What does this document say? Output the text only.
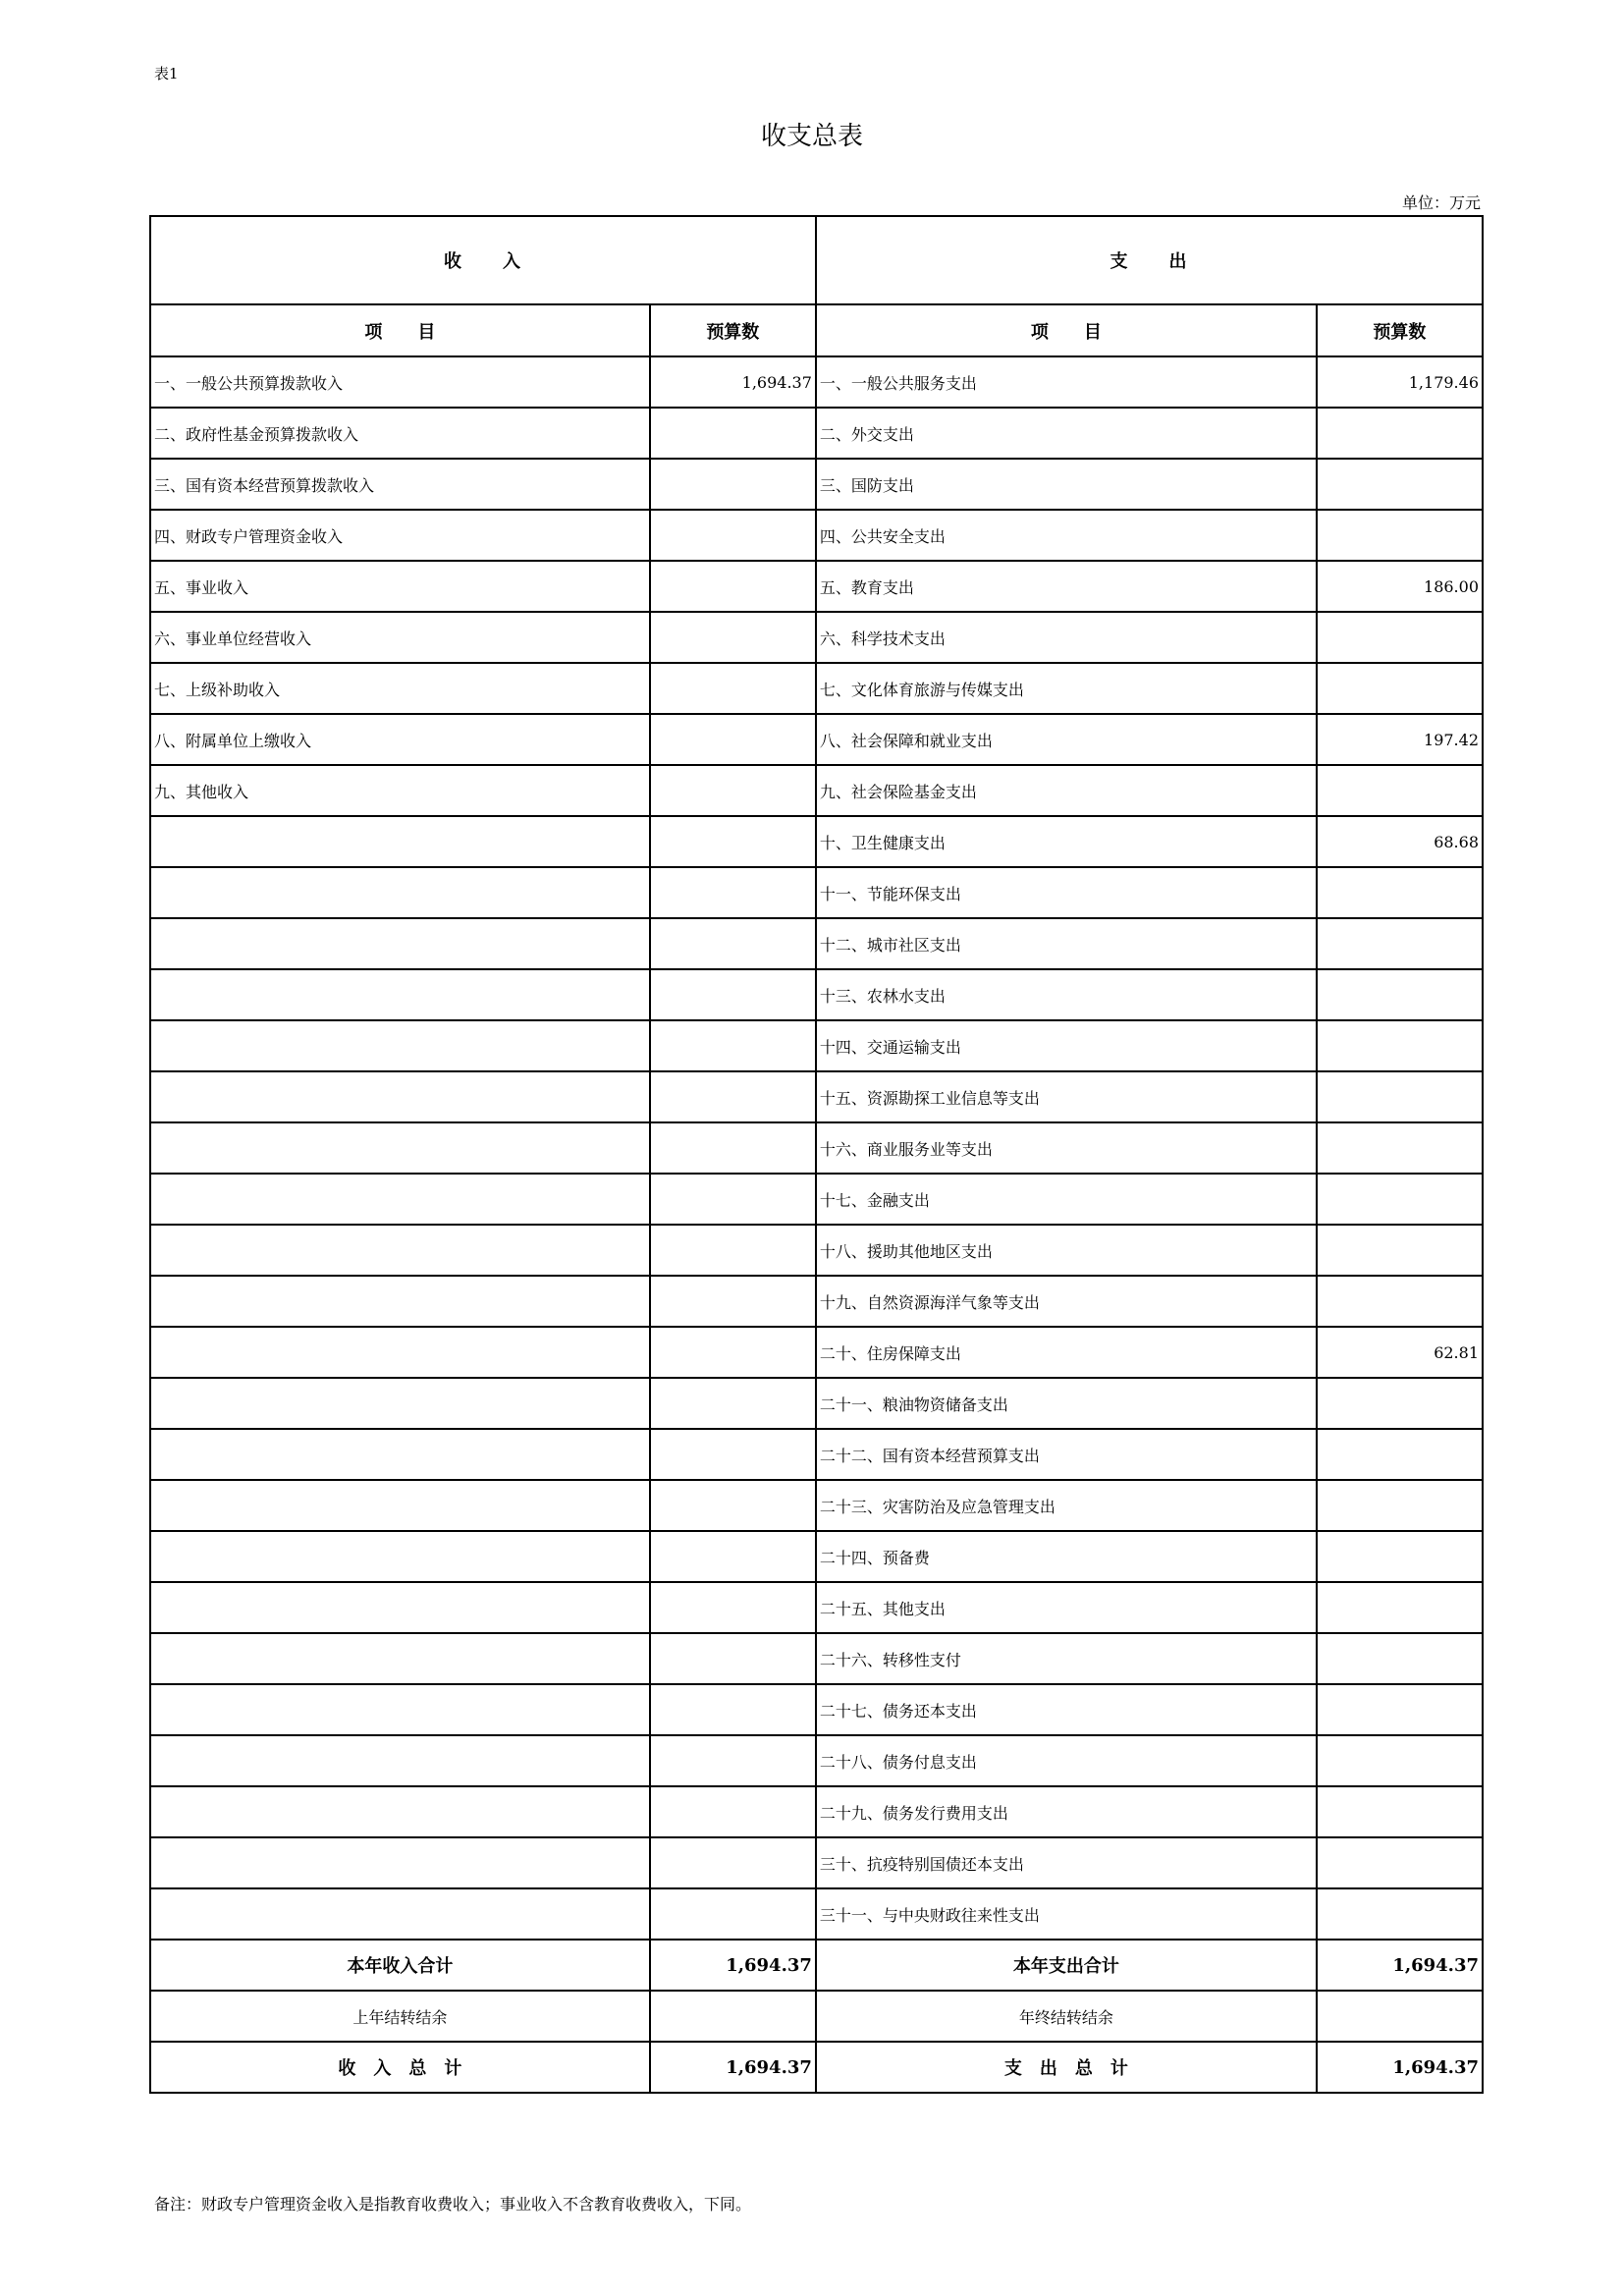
表1
收支总表
单位：万元
收　　入		支　　出	
项　　目	预算数	项　　目	预算数
一、一般公共预算拨款收入	1,694.37	一、一般公共服务支出	1,179.46
二、政府性基金预算拨款收入		二、外交支出	
三、国有资本经营预算拨款收入		三、国防支出	
四、财政专户管理资金收入		四、公共安全支出	
五、事业收入		五、教育支出	186.00
六、事业单位经营收入		六、科学技术支出	
七、上级补助收入		七、文化体育旅游与传媒支出	
八、附属单位上缴收入		八、社会保障和就业支出	197.42
九、其他收入		九、社会保险基金支出	
		十、卫生健康支出	68.68
		十一、节能环保支出	
		十二、城市社区支出	
		十三、农林水支出	
		十四、交通运输支出	
		十五、资源勘探工业信息等支出	
		十六、商业服务业等支出	
		十七、金融支出	
		十八、援助其他地区支出	
		十九、自然资源海洋气象等支出	
		二十、住房保障支出	62.81
		二十一、粮油物资储备支出	
		二十二、国有资本经营预算支出	
		二十三、灾害防治及应急管理支出	
		二十四、预备费	
		二十五、其他支出	
		二十六、转移性支付	
		二十七、债务还本支出	
		二十八、债务付息支出	
		二十九、债务发行费用支出	
		三十、抗疫特别国债还本支出	
		三十一、与中央财政往来性支出	
本年收入合计	1,694.37	本年支出合计	1,694.37
上年结转结余		年终结转结余	
收　入　总　计	1,694.37	支　出　总　计	1,694.37
备注：财政专户管理资金收入是指教育收费收入；事业收入不含教育收费收入，下同。
